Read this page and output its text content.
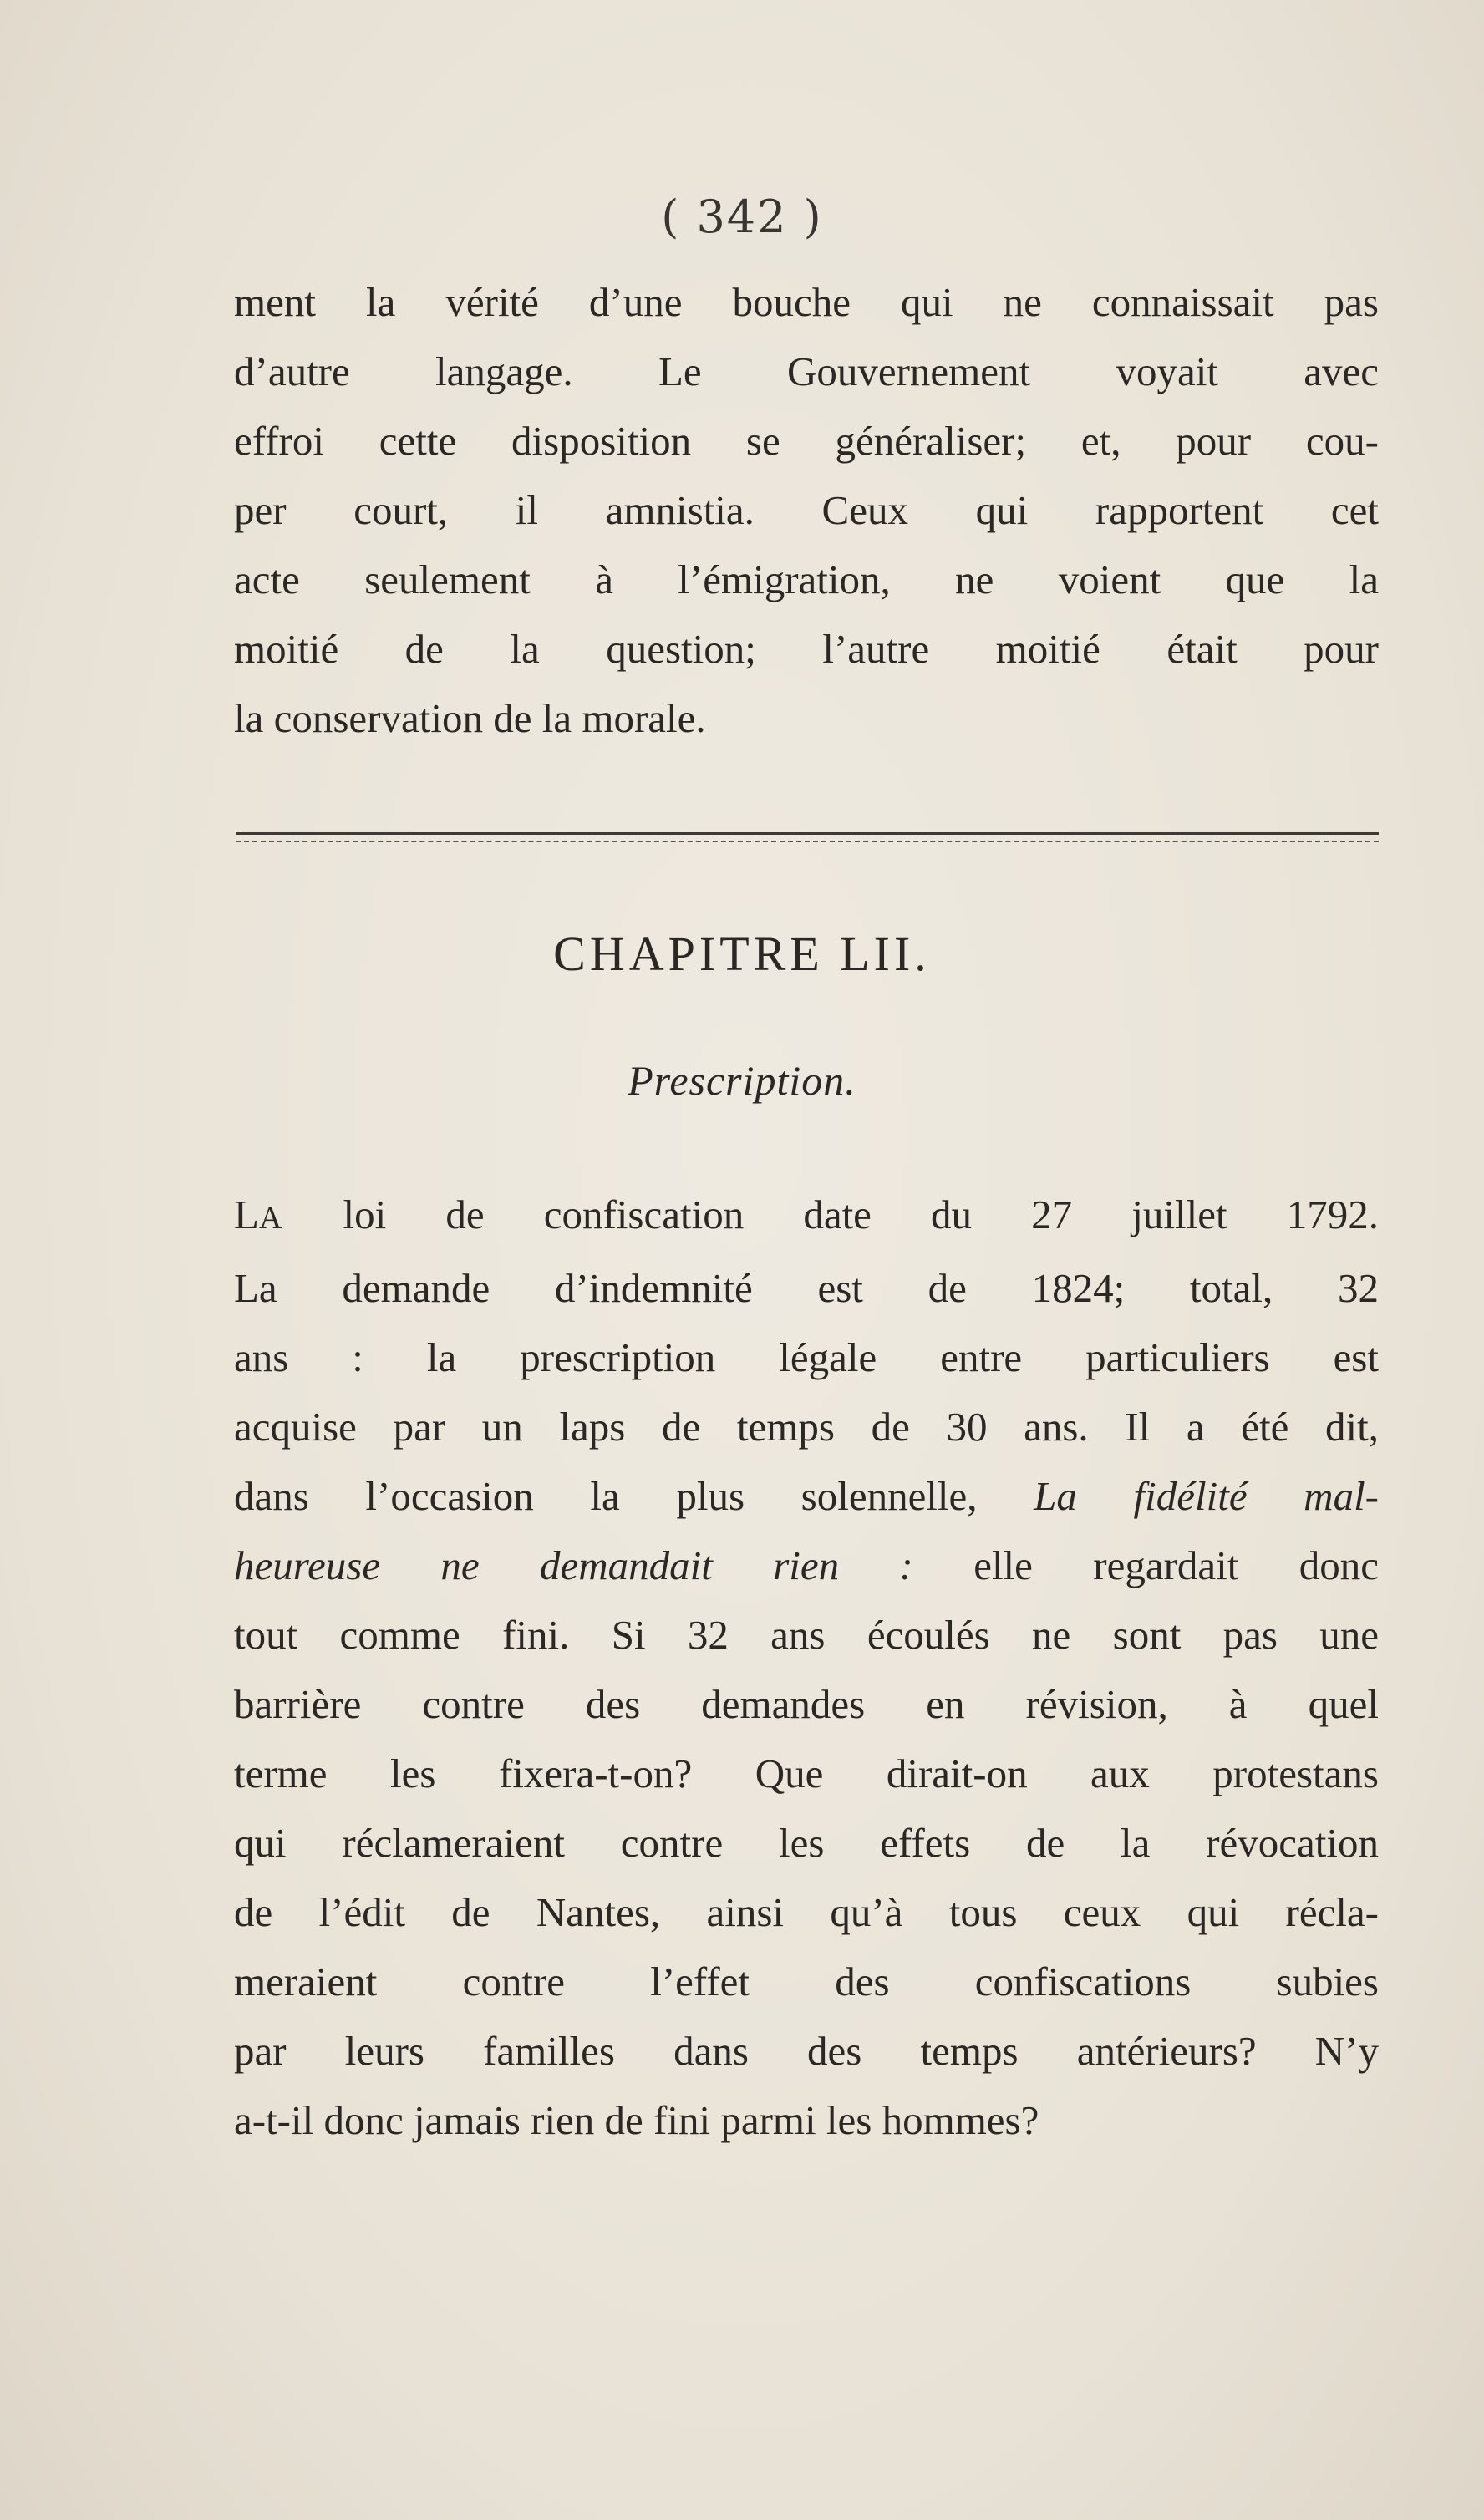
( 342 )
ment la vérité d’une bouche qui ne connaissait pas
d’autre langage. Le Gouvernement voyait avec
effroi cette disposition se généraliser; et, pour cou-
per court, il amnistia. Ceux qui rapportent cet
acte seulement à l’émigration, ne voient que la
moitié de la question; l’autre moitié était pour
la conservation de la morale.
CHAPITRE LII.
Prescription.
LA loi de confiscation date du 27 juillet 1792.
La demande d’indemnité est de 1824; total, 32
ans : la prescription légale entre particuliers est
acquise par un laps de temps de 30 ans. Il a été dit,
dans l’occasion la plus solennelle, La fidélité mal-
heureuse ne demandait rien : elle regardait donc
tout comme fini. Si 32 ans écoulés ne sont pas une
barrière contre des demandes en révision, à quel
terme les fixera-t-on? Que dirait-on aux protestans
qui réclameraient contre les effets de la révocation
de l’édit de Nantes, ainsi qu’à tous ceux qui récla-
meraient contre l’effet des confiscations subies
par leurs familles dans des temps antérieurs? N’y
a-t-il donc jamais rien de fini parmi les hommes?
